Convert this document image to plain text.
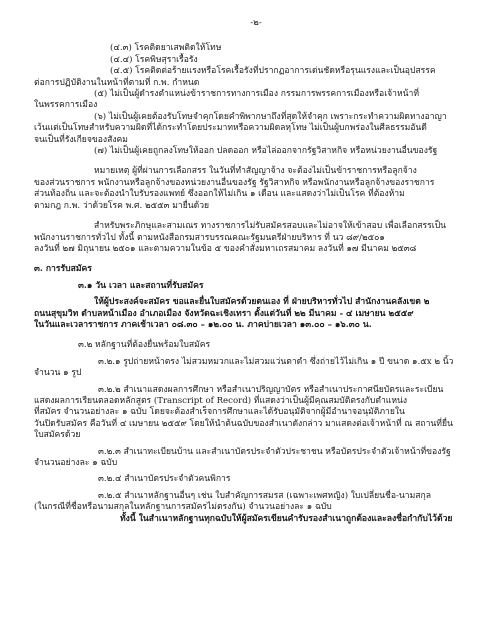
-๒-

(๔.๓) โรคติดยาเสพติดให้โทษ

(๔.๔) โรคพิษสุราเรื้อรัง

(๔.๕) โรคติดต่อร้ายแรงหรือโรคเรื้อรังที่ปรากฏอาการเด่นชัดหรือรุนแรงและเป็นอุปสรรค

ต่อการปฏิบัติงานในหน้าที่ตามที่ ก.พ. กำหนด

(๕) ไม่เป็นผู้ดำรงตำแหน่งข้าราชการทางการเมือง กรรมการพรรคการเมืองหรือเจ้าหน้าที่

ในพรรคการเมือง

(๖) ไม่เป็นผู้เคยต้องรับโทษจำคุกโดยคำพิพากษาถึงที่สุดให้จำคุก เพราะกระทำความผิดทางอาญา

เว้นแต่เป็นโทษสำหรับความผิดที่ได้กระทำโดยประมาทหรือความผิดลหุโทษ ไม่เป็นผู้บกพร่องในศีลธรรมอันดี

จนเป็นที่รังเกียจของสังคม

(๗) ไม่เป็นผู้เคยถูกลงโทษให้ออก ปลดออก หรือไล่ออกจากรัฐวิสาหกิจ หรือหน่วยงานอื่นของรัฐ

หมายเหตุ ผู้ที่ผ่านการเลือกสรร ในวันที่ทำสัญญาจ้าง จะต้องไม่เป็นข้าราชการหรือลูกจ้าง

ของส่วนราชการ พนักงานหรือลูกจ้างของหน่วยงานอื่นของรัฐ รัฐวิสาหกิจ หรือพนักงานหรือลูกจ้างของราชการ

ส่วนท้องถิ่น และจะต้องนำใบรับรองแพทย์ ซึ่งออกให้ไม่เกิน ๑ เดือน และแสดงว่าไม่เป็นโรค ที่ต้องห้าม

ตามกฎ ก.พ. ว่าด้วยโรค พ.ศ. ๒๕๕๓ มายื่นด้วย

สำหรับพระภิกษุและสามเณร ทางราชการไม่รับสมัครสอบและไม่อาจให้เข้าสอบ เพื่อเลือกสรรเป็น

พนักงานราชการทั่วไป ทั้งนี้ ตามหนังสือกรมสารบรรณคณะรัฐมนตรีฝ่ายบริหาร ที่ นว ๘๙/๒๕๐๑

ลงวันที่ ๒๗ มิถุนายน ๒๕๐๑ และตามความในข้อ ๕ ของคำสั่งมหาเถรสมาคม ลงวันที่ ๑๗ มีนาคม ๒๕๓๘

๓. การรับสมัคร

๓.๑ วัน เวลา และสถานที่รับสมัคร

ให้ผู้ประสงค์จะสมัคร ขอและยื่นใบสมัครด้วยตนเอง ที่ ฝ่ายบริหารทั่วไป สำนักงานคลังเขต ๒

ถนนสุขุมวิท ตำบลหน้าเมือง อำเภอเมือง จังหวัดฉะเชิงเทรา ตั้งแต่วันที่ ๒๒ มีนาคม - ๔ เมษายน ๒๕๕๙

ในวันและเวลาราชการ ภาคเช้าเวลา ๐๘.๓๐ – ๑๒.๐๐ น. ภาคบ่ายเวลา ๑๓.๐๐ – ๑๖.๓๐ น.

๓.๒ หลักฐานที่ต้องยื่นพร้อมใบสมัคร

๓.๒.๑ รูปถ่ายหน้าตรง ไม่สวมหมวกและไม่สวมแว่นตาดำ ซึ่งถ่ายไว้ไม่เกิน ๑ ปี ขนาด ๑.๕x ๒ นิ้ว

จำนวน ๑ รูป

๓.๒.๒ สำเนาแสดงผลการศึกษา หรือสำเนาปริญญาบัตร หรือสำเนาประกาศนียบัตรและระเบียน

แสดงผลการเรียนตลอดหลักสูตร (Transcript of Record) ที่แสดงว่าเป็นผู้มีคุณสมบัติตรงกับตำแหน่ง

ที่สมัคร จำนวนอย่างละ ๑ ฉบับ โดยจะต้องสำเร็จการศึกษาและได้รับอนุมัติจากผู้มีอำนาจอนุมัติภายใน

วันปิดรับสมัคร คือวันที่ ๔ เมษายน ๒๕๕๙ โดยให้นำต้นฉบับของสำเนาดังกล่าว มาแสดงต่อเจ้าหน้าที่ ณ สถานที่ยื่น

ใบสมัครด้วย

๓.๒.๓ สำเนาทะเบียนบ้าน และสำเนาบัตรประจำตัวประชาชน หรือบัตรประจำตัวเจ้าหน้าที่ของรัฐ

จำนวนอย่างละ ๑ ฉบับ

๓.๒.๔ สำเนาบัตรประจำตัวคนพิการ

๓.๒.๕ สำเนาหลักฐานอื่นๆ เช่น ใบสำคัญการสมรส (เฉพาะเพศหญิง) ใบเปลี่ยนชื่อ-นามสกุล

(ในกรณีที่ชื่อหรือนามสกุลในหลักฐานการสมัครไม่ตรงกัน) จำนวนอย่างละ ๑ ฉบับ

ทั้งนี้ ในสำเนาหลักฐานทุกฉบับให้ผู้สมัครเขียนคำรับรองสำเนาถูกต้องและลงชื่อกำกับไว้ด้วย
